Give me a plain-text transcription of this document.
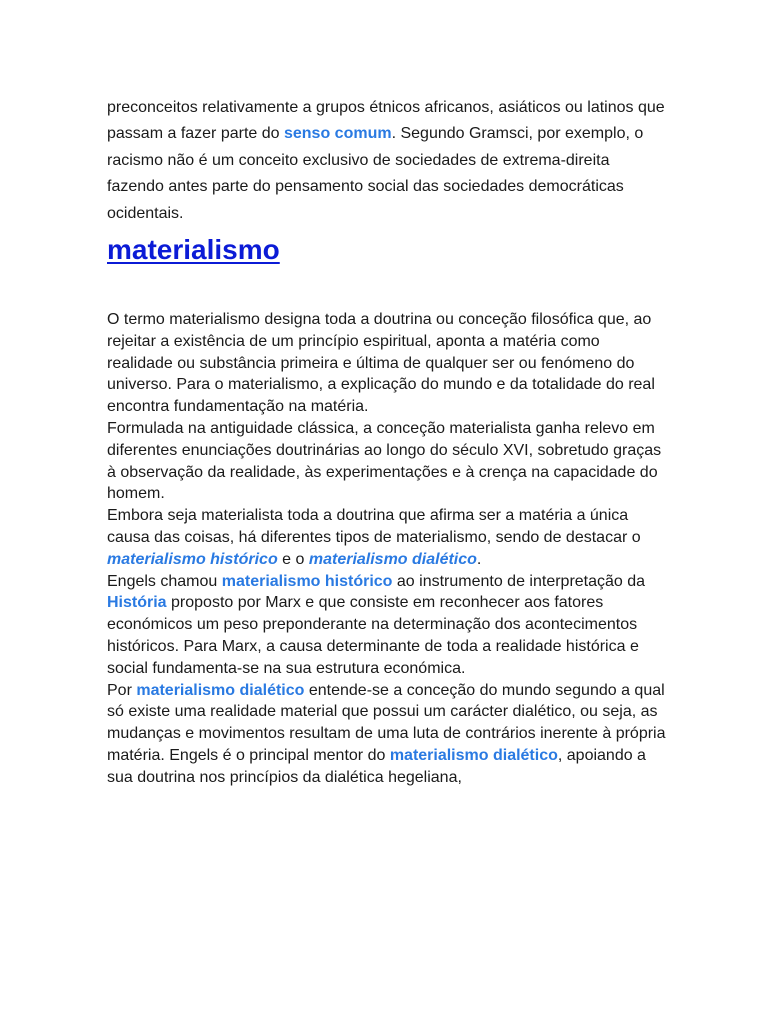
preconceitos relativamente a grupos étnicos africanos, asiáticos ou latinos que passam a fazer parte do senso comum. Segundo Gramsci, por exemplo, o racismo não é um conceito exclusivo de sociedades de extrema-direita fazendo antes parte do pensamento social das sociedades democráticas ocidentais.

materialismo

O termo materialismo designa toda a doutrina ou conceção filosófica que, ao rejeitar a existência de um princípio espiritual, aponta a matéria como realidade ou substância primeira e última de qualquer ser ou fenómeno do universo. Para o materialismo, a explicação do mundo e da totalidade do real encontra fundamentação na matéria.

Formulada na antiguidade clássica, a conceção materialista ganha relevo em diferentes enunciações doutrinárias ao longo do século XVI, sobretudo graças à observação da realidade, às experimentações e à crença na capacidade do homem.

Embora seja materialista toda a doutrina que afirma ser a matéria a única causa das coisas, há diferentes tipos de materialismo, sendo de destacar o materialismo histórico e o materialismo dialético.

Engels chamou materialismo histórico ao instrumento de interpretação da História proposto por Marx e que consiste em reconhecer aos fatores económicos um peso preponderante na determinação dos acontecimentos históricos. Para Marx, a causa determinante de toda a realidade histórica e social fundamenta-se na sua estrutura económica.

Por materialismo dialético entende-se a conceção do mundo segundo a qual só existe uma realidade material que possui um carácter dialético, ou seja, as mudanças e movimentos resultam de uma luta de contrários inerente à própria matéria. Engels é o principal mentor do materialismo dialético, apoiando a sua doutrina nos princípios da dialética hegeliana,
